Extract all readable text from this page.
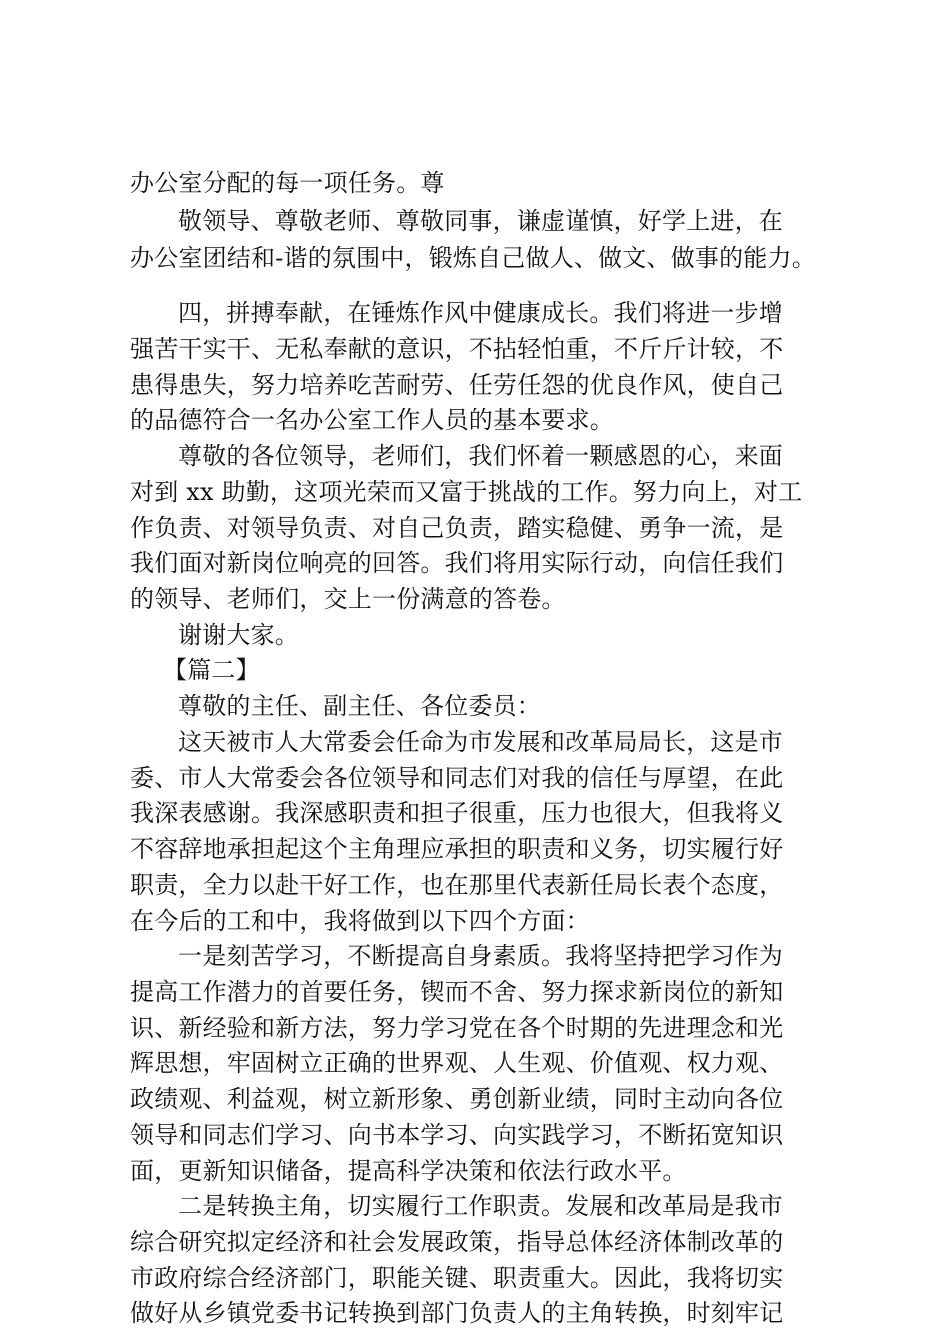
办公室分配的每一项任务。尊
敬领导、尊敬老师、尊敬同事，谦虚谨慎，好学上进，在
办公室团结和-谐的氛围中，锻炼自己做人、做文、做事的能力。
四，拼搏奉献，在锤炼作风中健康成长。我们将进一步增
强苦干实干、无私奉献的意识，不拈轻怕重，不斤斤计较，不
患得患失，努力培养吃苦耐劳、任劳任怨的优良作风，使自己
的品德符合一名办公室工作人员的基本要求。
尊敬的各位领导，老师们，我们怀着一颗感恩的心，来面
对到 xx 助勤，这项光荣而又富于挑战的工作。努力向上，对工
作负责、对领导负责、对自己负责，踏实稳健、勇争一流，是
我们面对新岗位响亮的回答。我们将用实际行动，向信任我们
的领导、老师们，交上一份满意的答卷。
谢谢大家。
【篇二】
尊敬的主任、副主任、各位委员：
这天被市人大常委会任命为市发展和改革局局长，这是市
委、市人大常委会各位领导和同志们对我的信任与厚望，在此
我深表感谢。我深感职责和担子很重，压力也很大，但我将义
不容辞地承担起这个主角理应承担的职责和义务，切实履行好
职责，全力以赴干好工作，也在那里代表新任局长表个态度，
在今后的工和中，我将做到以下四个方面：
一是刻苦学习，不断提高自身素质。我将坚持把学习作为
提高工作潜力的首要任务，锲而不舍、努力探求新岗位的新知
识、新经验和新方法，努力学习党在各个时期的先进理念和光
辉思想，牢固树立正确的世界观、人生观、价值观、权力观、
政绩观、利益观，树立新形象、勇创新业绩，同时主动向各位
领导和同志们学习、向书本学习、向实践学习，不断拓宽知识
面，更新知识储备，提高科学决策和依法行政水平。
二是转换主角，切实履行工作职责。发展和改革局是我市
综合研究拟定经济和社会发展政策，指导总体经济体制改革的
市政府综合经济部门，职能关键、职责重大。因此，我将切实
做好从乡镇党委书记转换到部门负责人的主角转换，时刻牢记
